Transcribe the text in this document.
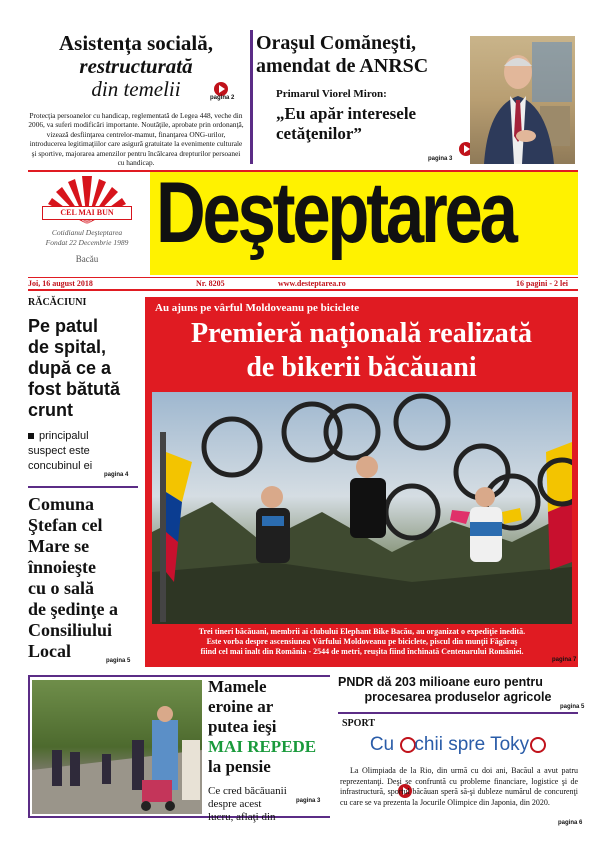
Asistența socială,
restructurată
din temelii
Protecţia persoanelor cu handicap, reglementată de Legea 448, veche din 2006, va suferi modificări importante. Noutăţile, aprobate prin ordonanţă, vizează desfiinţarea centrelor-mamut, finanţarea ONG-urilor, introducerea legitimaţiilor care asigură gratuitate la evenimente culturale şi sportive, majorarea amenzilor pentru încălcarea drepturilor persoanei cu handicap.

pagina 2
Oraşul Comăneşti,
amendat de ANRSC
Primarul Viorel Miron:
„Eu apăr interesele
cetăţenilor”

pagina 3
CEL MAI BUN
Cotidianul Deşteptarea
Fondat 22 Decembrie 1989
Bacău Deşteptarea
Joi, 16 august 2018	Nr. 8205	www.desteptarea.ro	16 pagini - 2 lei
RĂCĂCIUNI
Pe patul
de spital,
după ce a
fost bătută
crunt
principalul
suspect este
concubinul ei

pagina 4
Comuna
Ştefan cel
Mare se
înnoieşte
cu o sală
de şedinţe a
Consiliului
Local
	pagina 5
Au ajuns pe vârful Moldoveanu pe biciclete
Premieră naţională realizată
de bikerii băcăuani
Trei tineri băcăuani, membrii ai clubului Elephant Bike Bacău, au organizat o expediţie inedită.
Este vorba despre ascensiunea Vârfului Moldoveanu pe biciclete, piscul din munţii Făgăraş
fiind cel mai înalt din România - 2544 de metri, reuşita fiind închinată Centenarului României.

pagina 7
Mamele
eroine ar
putea ieşi
MAI REPEDE
la pensie
Ce cred băcăuanii
despre acest
lucru, aflaţi din

pagina 3
PNDR dă 203 milioane euro pentru
procesarea produselor agricole

pagina 5
SPORT
Cu chii spre Toky
La Olimpiada de la Rio, din urmă cu doi ani, Bacăul a avut patru reprezentanţi. Deşi se confruntă cu probleme financiare, logistice şi de infrastructură, sportul băcăuan speră să-şi dubleze numărul de concurenţi cu care se va prezenta la Jocurile Olimpice din Japonia, din 2020.
pagina 6
